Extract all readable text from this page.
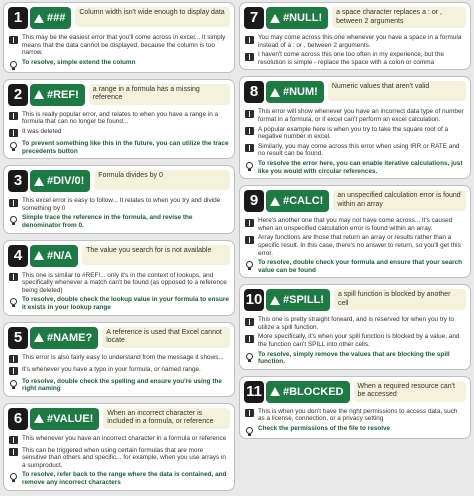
1	###	Column width isn't wide enough to display data
This may be the easiest error that you'll come across in excel... It simply means that the data cannot be displayed, because the column is too narrow.
To resolve, simple extend the column
2	#REF!	a range in a formula has a missing reference
This is really popular error, and relates to when you have a range in a formula that can no longer be found...
It was deleted
To prevent something like this in the future, you can utilize the trace precedents button
3	#DIV/0!	Formula divides by 0
This excel error is easy to follow... It relates to when you try and divide something by 0
Simple trace the reference in the formula, and revise the denominator from 0.
4	#N/A	The value you search for is not available
This one is similar to #REF!... only it's in the context of lookups, and specifically whenever a match can't be found (as opposed to a reference being deleted)
To resolve, double check the lookup value in your formula to ensure it exists in your lookup range
5	#NAME?	A reference is used that Excel cannot locate
This error is also fairly easy to understand from the message it shows...
It's whenever you have a typo in your formula, or named range.
To resolve, double check the spelling and ensure you're using the right naming
6	#VALUE!	When an incorrect character is included in a formula, or reference
This whenever you have an incorrect character in a formula or reference
This can be triggered when using certain formulas that are more sensitive than others and specific... for example, when you use arrays in a sumproduct.
To resolve, refer back to the range where the data is contained, and remove any incorrect characters
7	#NULL!	a space character replaces a : or , between 2 arguments
You may come across this one whenever you have a space in a formula instead of a : or , between 2 arguments.
I haven't come across this one too often in my experience, but the resolution is simple - replace the space with a colon or comma
8	#NUM!	Numeric values that aren't valid
This error will show whenever you have an incorrect data type of number format in a formula, or if excel can't perform an excel calculation.
A popular example here is when you try to take the square root of a negative number in excel.
Similarly, you may come across this error when using IRR or RATE and no result can be found.
To resolve the error here, you can enable iterative calculations, just like you would with circular references.
9	#CALC!	an unspecified calculation error is found within an array
Here's another one that you may not have come across... It's caused when an unspecified calculation error is found within an array.
Array functions are those that return an array or results rather than a specific result. In this case, there's no answer to return, so you'll get this error.
To resolve, double check your formula and ensure that your search value can be found
10 #SPILL!	a spill function is blocked by another cell
This one is pretty straight forward, and is reserved for when you try to utilize a spill function.
More specifically, it's when your spill function is blocked by a value, and the function can't SPILL into other cells.
To resolve, simply remove the values that are blocking the spill function.
11 #BLOCKED	When a required resource can't be accessed
This is when you don't have the right permissions to access data, such as a license, connection, or a privacy setting
Check the permissions of the file to resolve
